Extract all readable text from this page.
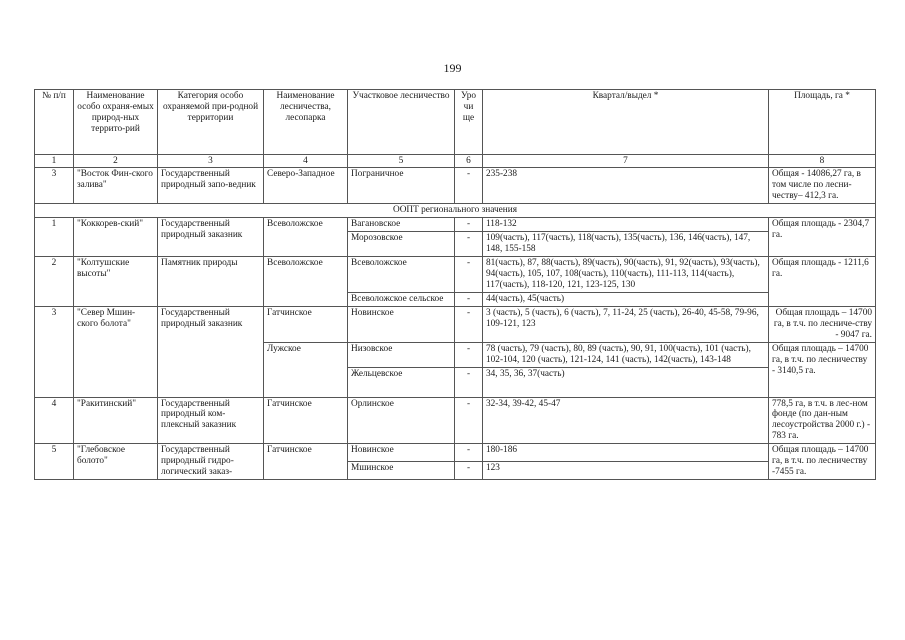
199
№ п/п	Наименование особо охраня-емых природ-ных террито-рий	Категория особо охраняемой при-родной территории	Наименование лесничества, лесопарка	Участковое лесничество	Уро чи ще	Квартал/выдел *	Площадь, га *
1	2	3	4	5	6	7	8
3	"Восток Фин-ского залива"	Государственный природный запо-ведник	Северо-Западное	Пограничное	-	235-238	Общая - 14086,27 га, в том числе по лесни-честву– 412,3 га.
ООПТ регионального значения							
1	"Коккорев-ский"	Государственный природный заказник	Всеволожское	Вагановское	-	118-132	Общая площадь - 2304,7 га.
				Морозовское	-	109(часть), 117(часть), 118(часть), 135(часть), 136, 146(часть), 147, 148, 155-158	
2	"Колтушские высоты"	Памятник природы	Всеволожское	Всеволожское	-	81(часть), 87, 88(часть), 89(часть), 90(часть), 91, 92(часть), 93(часть), 94(часть), 105, 107, 108(часть), 110(часть), 111-113, 114(часть), 117(часть), 118-120, 121, 123-125, 130	Общая площадь - 1211,6 га.
				Всеволожское сельское	-	44(часть), 45(часть)	
3	"Север Мшин-ского болота"	Государственный природный заказник	Гатчинское	Новинское	-	3 (часть), 5 (часть), 6 (часть), 7, 11-24, 25 (часть), 26-40, 45-58, 79-96, 109-121, 123	Общая площадь – 14700 га, в т.ч. по лесниче-ству - 9047 га.
			Лужское	Низовское	-	78 (часть), 79 (часть), 80, 89 (часть), 90, 91, 100(часть), 101 (часть), 102-104, 120 (часть), 121-124, 141 (часть), 142(часть), 143-148	Общая площадь – 14700 га, в т.ч. по лесничеству - 3140,5 га.
				Жельцевское	-	34, 35, 36, 37(часть)	
4	"Ракитинский"	Государственный природный ком-плексный заказник	Гатчинское	Орлинское	-	32-34, 39-42, 45-47	778,5 га, в т.ч. в лес-ном фонде (по дан-ным лесоустройства 2000 г.) - 783 га.
5	"Глебовское болото"	Государственный природный гидро-логический заказ-	Гатчинское	Новинское	-	180-186	Общая площадь – 14700 га, в т.ч. по лесничеству -7455 га.
				Мшинское	-	123	
